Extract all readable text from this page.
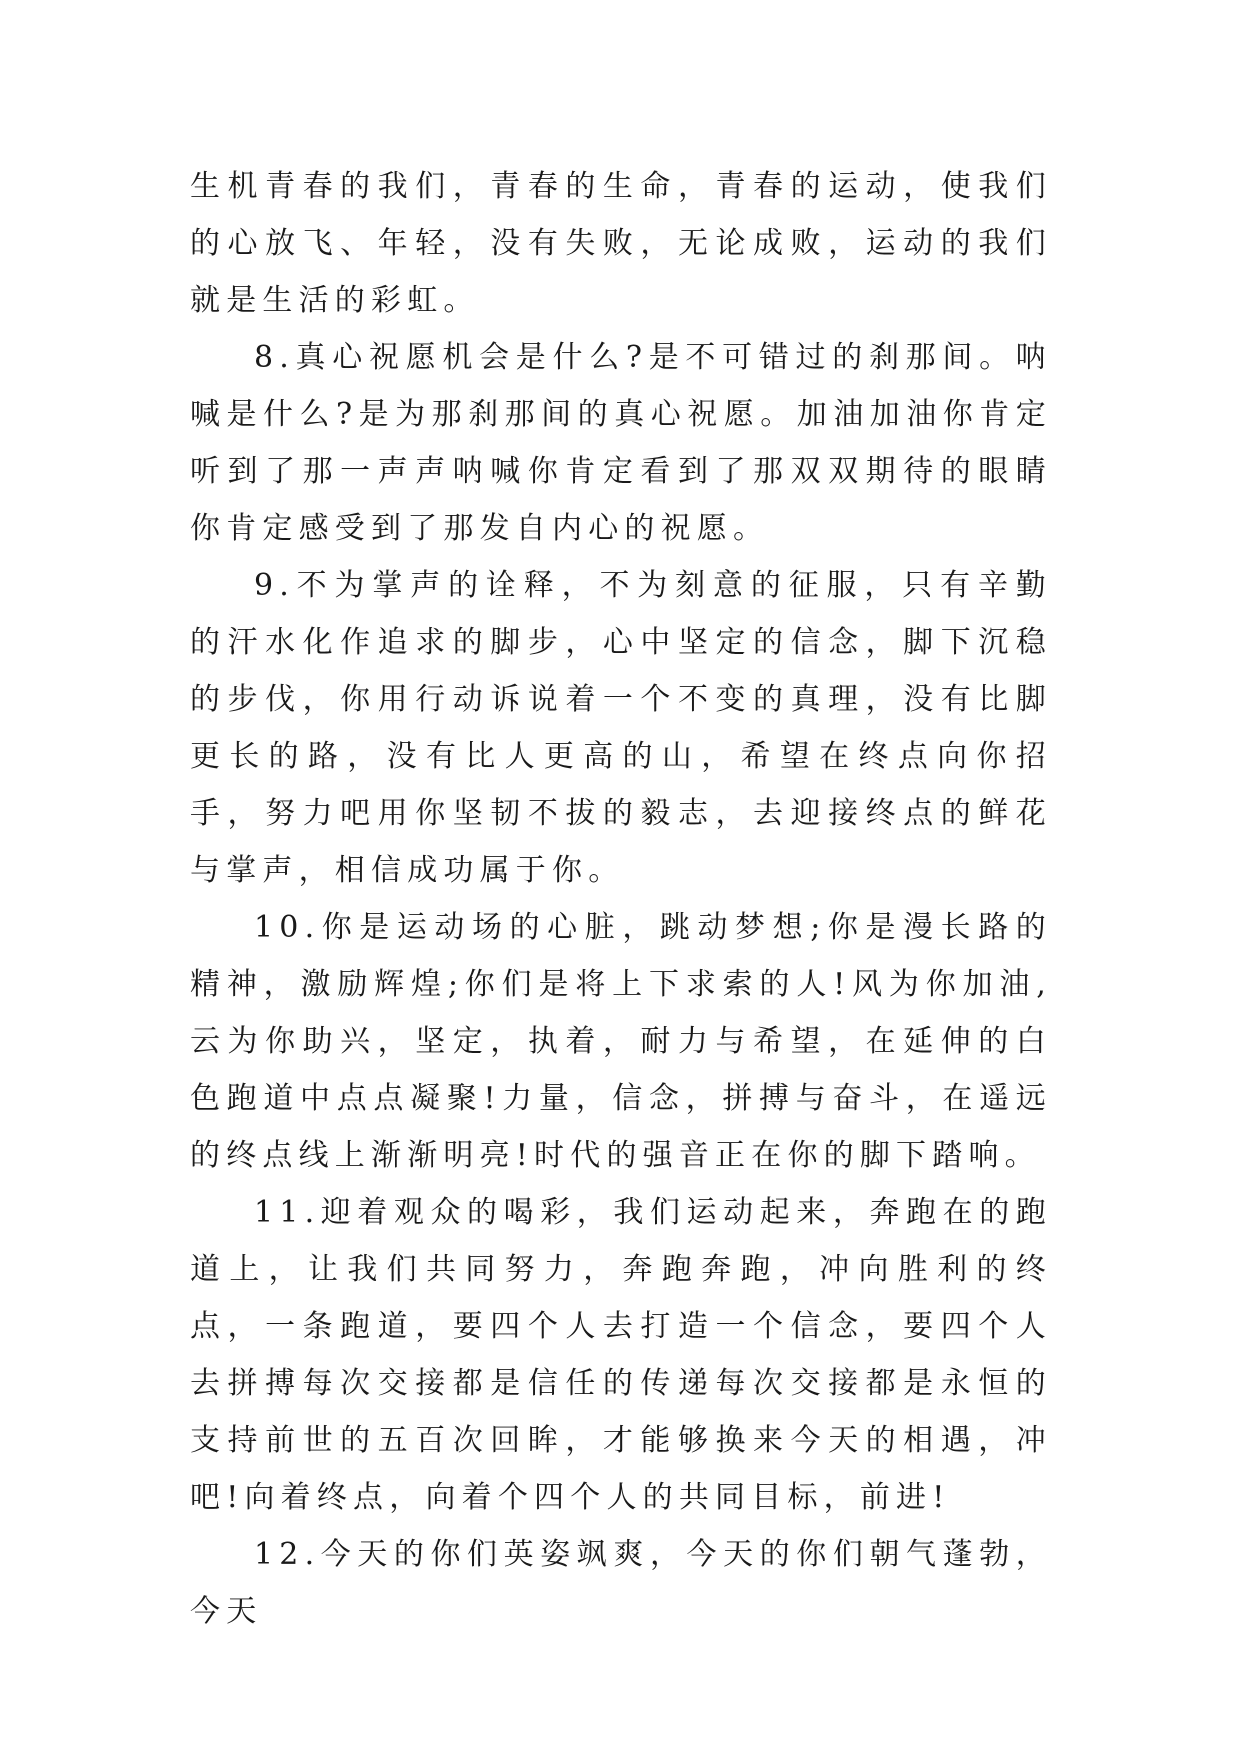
生机青春的我们，青春的生命，青春的运动，使我们的心放飞、年轻，没有失败，无论成败，运动的我们就是生活的彩虹。

8.真心祝愿机会是什么?是不可错过的刹那间。呐喊是什么?是为那刹那间的真心祝愿。加油加油你肯定听到了那一声声呐喊你肯定看到了那双双期待的眼睛你肯定感受到了那发自内心的祝愿。

9.不为掌声的诠释，不为刻意的征服，只有辛勤的汗水化作追求的脚步，心中坚定的信念，脚下沉稳的步伐，你用行动诉说着一个不变的真理，没有比脚更长的路，没有比人更高的山，希望在终点向你招手，努力吧用你坚韧不拔的毅志，去迎接终点的鲜花与掌声，相信成功属于你。

10.你是运动场的心脏，跳动梦想;你是漫长路的精神，激励辉煌;你们是将上下求索的人!风为你加油,云为你助兴，坚定，执着，耐力与希望，在延伸的白色跑道中点点凝聚!力量，信念，拼搏与奋斗，在遥远的终点线上渐渐明亮!时代的强音正在你的脚下踏响。

11.迎着观众的喝彩，我们运动起来，奔跑在的跑道上，让我们共同努力，奔跑奔跑，冲向胜利的终点，一条跑道，要四个人去打造一个信念，要四个人去拼搏每次交接都是信任的传递每次交接都是永恒的支持前世的五百次回眸，才能够换来今天的相遇，冲吧!向着终点，向着个四个人的共同目标，前进!

12.今天的你们英姿飒爽，今天的你们朝气蓬勃，今天
